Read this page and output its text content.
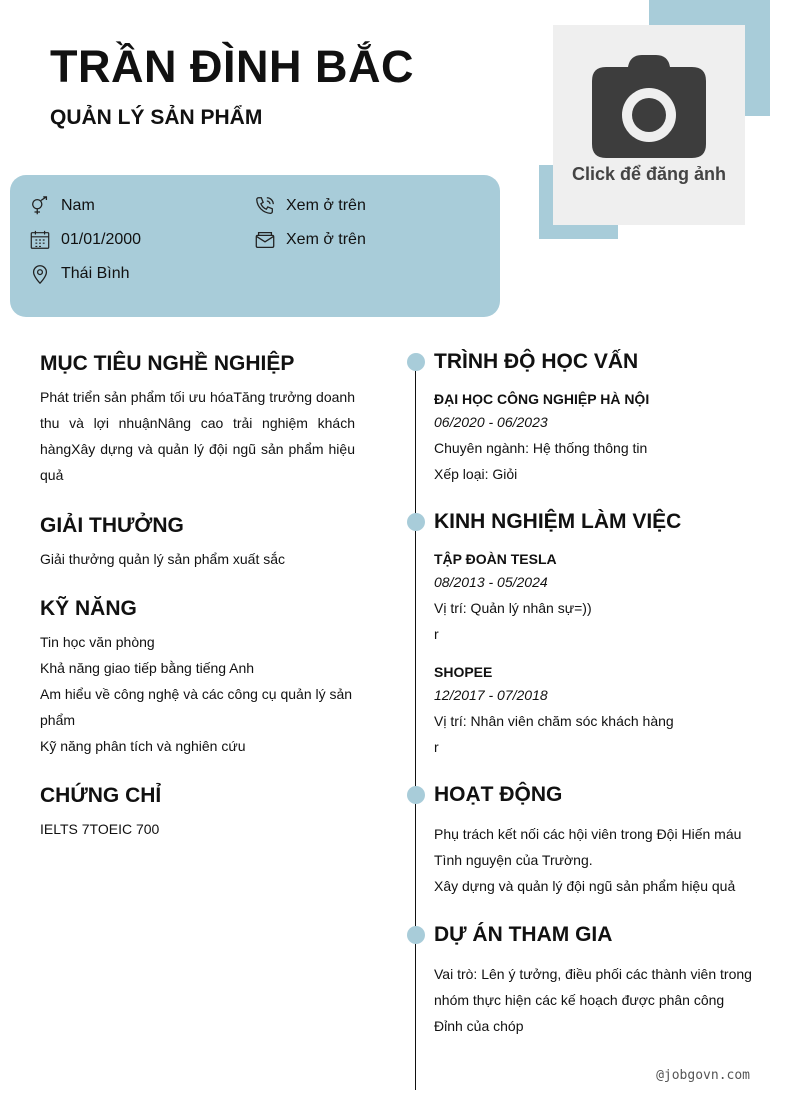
TRẦN ĐÌNH BẮC
QUẢN LÝ SẢN PHẨM
Click để đăng ảnh
Nam
01/01/2000
Thái Bình
Xem ở trên
Xem ở trên
MỤC TIÊU NGHỀ NGHIỆP

Phát triển sản phẩm tối ưu hóaTăng trưởng doanh thu và lợi nhuậnNâng cao trải nghiệm khách hàngXây dựng và quản lý đội ngũ sản phẩm hiệu quả

GIẢI THƯỞNG

Giải thưởng quản lý sản phẩm xuất sắc

KỸ NĂNG

Tin học văn phòng

Khả năng giao tiếp bằng tiếng Anh

Am hiểu về công nghệ và các công cụ quản lý sản phẩm

Kỹ năng phân tích và nghiên cứu

CHỨNG CHỈ

IELTS 7TOEIC 700

TRÌNH ĐỘ HỌC VẤN

ĐẠI HỌC CÔNG NGHIỆP HÀ NỘI

06/2020 - 06/2023

Chuyên ngành: Hệ thống thông tin

Xếp loại: Giỏi

KINH NGHIỆM LÀM VIỆC

TẬP ĐOÀN TESLA

08/2013 - 05/2024

Vị trí: Quản lý nhân sự=))

r

SHOPEE

12/2017 - 07/2018

Vị trí: Nhân viên chăm sóc khách hàng

r

HOẠT ĐỘNG

Phụ trách kết nối các hội viên trong Đội Hiến máu Tình nguyện của Trường.

Xây dựng và quản lý đội ngũ sản phẩm hiệu quả

DỰ ÁN THAM GIA

Vai trò: Lên ý tưởng, điều phối các thành viên trong nhóm thực hiện các kế hoạch được phân công

Đỉnh của chóp

@jobgovn.com
